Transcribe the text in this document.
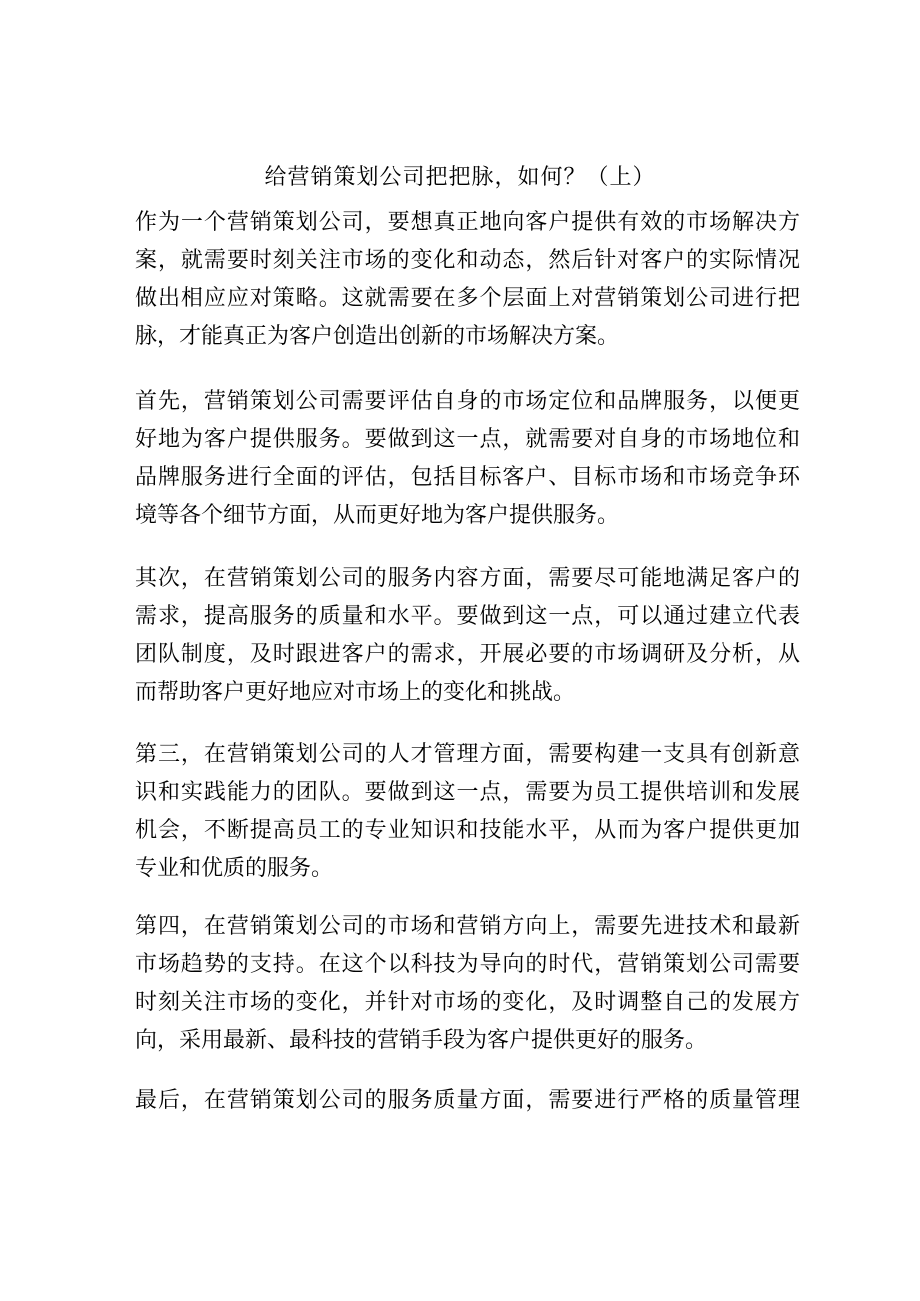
给营销策划公司把把脉，如何？（上）
作为一个营销策划公司，要想真正地向客户提供有效的市场解决方
案，就需要时刻关注市场的变化和动态，然后针对客户的实际情况
做出相应应对策略。这就需要在多个层面上对营销策划公司进行把
脉，才能真正为客户创造出创新的市场解决方案。
首先，营销策划公司需要评估自身的市场定位和品牌服务，以便更
好地为客户提供服务。要做到这一点，就需要对自身的市场地位和
品牌服务进行全面的评估，包括目标客户、目标市场和市场竞争环
境等各个细节方面，从而更好地为客户提供服务。
其次，在营销策划公司的服务内容方面，需要尽可能地满足客户的
需求，提高服务的质量和水平。要做到这一点，可以通过建立代表
团队制度，及时跟进客户的需求，开展必要的市场调研及分析，从
而帮助客户更好地应对市场上的变化和挑战。
第三，在营销策划公司的人才管理方面，需要构建一支具有创新意
识和实践能力的团队。要做到这一点，需要为员工提供培训和发展
机会，不断提高员工的专业知识和技能水平，从而为客户提供更加
专业和优质的服务。
第四，在营销策划公司的市场和营销方向上，需要先进技术和最新
市场趋势的支持。在这个以科技为导向的时代，营销策划公司需要
时刻关注市场的变化，并针对市场的变化，及时调整自己的发展方
向，采用最新、最科技的营销手段为客户提供更好的服务。
最后，在营销策划公司的服务质量方面，需要进行严格的质量管理
